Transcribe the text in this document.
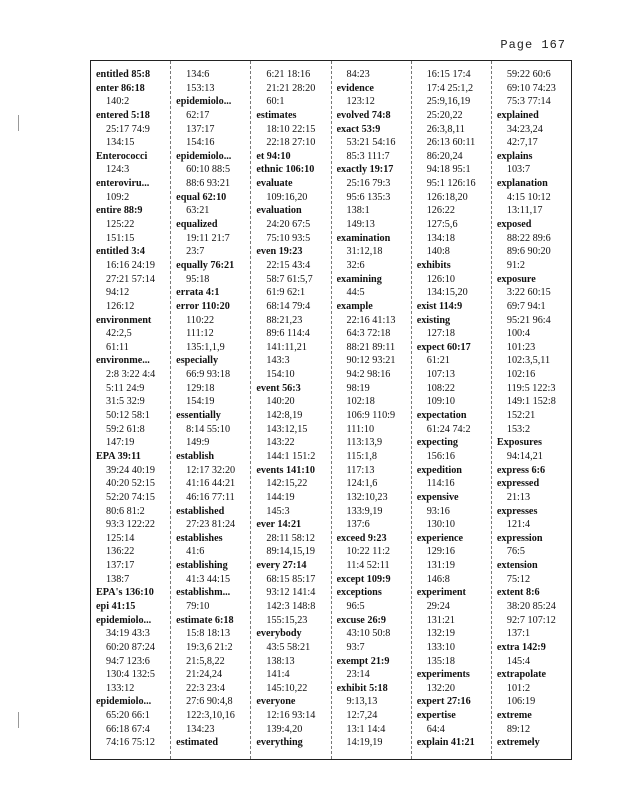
Page 167
entitled 85:8
enter 86:18
140:2
entered 5:18
25:17 74:9
134:15
Enterococci
124:3
enteroviru...
109:2
entire 88:9
125:22
151:15
entitled 3:4
16:16 24:19
27:21 57:14
94:12
126:12
environment
42:2,5
61:11
environme...
2:8 3:22 4:4
5:11 24:9
31:5 32:9
50:12 58:1
59:2 61:8
147:19
EPA 39:11
39:24 40:19
40:20 52:15
52:20 74:15
80:6 81:2
93:3 122:22
125:14
136:22
137:17
138:7
EPA's 136:10
epi 41:15
epidemiolo...
34:19 43:3
60:20 87:24
94:7 123:6
130:4 132:5
133:12
epidemiolo...
65:20 66:1
66:18 67:4
74:16 75:12
134:6
153:13
epidemiolo...
62:17
137:17
154:16
epidemiolo...
60:10 88:5
88:6 93:21
equal 62:10
63:21
equalized
19:11 21:7
23:7
equally 76:21
95:18
errata 4:1
error 110:20
110:22
111:12
135:1,1,9
especially
66:9 93:18
129:18
154:19
essentially
8:14 55:10
149:9
establish
12:17 32:20
41:16 44:21
46:16 77:11
established
27:23 81:24
establishes
41:6
establishing
41:3 44:15
establishm...
79:10
estimate 6:18
15:8 18:13
19:3,6 21:2
21:5,8,22
21:24,24
22:3 23:4
27:6 90:4,8
122:3,10,16
134:23
estimated
6:21 18:16
21:21 28:20
60:1
estimates
18:10 22:15
22:18 27:10
et 94:10
ethnic 106:10
evaluate
109:16,20
evaluation
24:20 67:5
75:10 93:5
even 19:23
22:15 43:4
58:7 61:5,7
61:9 62:1
68:14 79:4
88:21,23
89:6 114:4
141:11,21
143:3
154:10
event 56:3
140:20
142:8,19
143:12,15
143:22
144:1 151:2
events 141:10
142:15,22
144:19
145:3
ever 14:21
28:11 58:12
89:14,15,19
every 27:14
68:15 85:17
93:12 141:4
142:3 148:8
155:15,23
everybody
43:5 58:21
138:13
141:4
145:10,22
everyone
12:16 93:14
139:4,20
everything
84:23
evidence
123:12
evolved 74:8
exact 53:9
53:21 54:16
85:3 111:7
exactly 19:17
25:16 79:3
95:6 135:3
138:1
149:13
examination
31:12,18
32:6
examining
44:5
example
22:16 41:13
64:3 72:18
88:21 89:11
90:12 93:21
94:2 98:16
98:19
102:18
106:9 110:9
111:10
113:13,9
115:1,8
117:13
124:1,6
132:10,23
133:9,19
137:6
exceed 9:23
10:22 11:2
11:4 52:11
except 109:9
exceptions
96:5
excuse 26:9
43:10 50:8
93:7
exempt 21:9
23:14
exhibit 5:18
9:13,13
12:7,24
13:1 14:4
14:19,19
16:15 17:4
17:4 25:1,2
25:9,16,19
25:20,22
26:3,8,11
26:13 60:11
86:20,24
94:18 95:1
95:1 126:16
126:18,20
126:22
127:5,6
134:18
140:8
exhibits
126:10
134:15,20
exist 114:9
existing
127:18
expect 60:17
61:21
107:13
108:22
109:10
expectation
61:24 74:2
expecting
156:16
expedition
114:16
expensive
93:16
130:10
experience
129:16
131:19
146:8
experiment
29:24
131:21
132:19
133:10
135:18
experiments
132:20
expert 27:16
expertise
64:4
explain 41:21
59:22 60:6
69:10 74:23
75:3 77:14
explained
34:23,24
42:7,17
explains
103:7
explanation
4:15 10:12
13:11,17
exposed
88:22 89:6
89:6 90:20
91:2
exposure
3:22 60:15
69:7 94:1
95:21 96:4
100:4
101:23
102:3,5,11
102:16
119:5 122:3
149:1 152:8
152:21
153:2
Exposures
94:14,21
express 6:6
expressed
21:13
expresses
121:4
expression
76:5
extension
75:12
extent 8:6
38:20 85:24
92:7 107:12
137:1
extra 142:9
145:4
extrapolate
101:2
106:19
extreme
89:12
extremely
